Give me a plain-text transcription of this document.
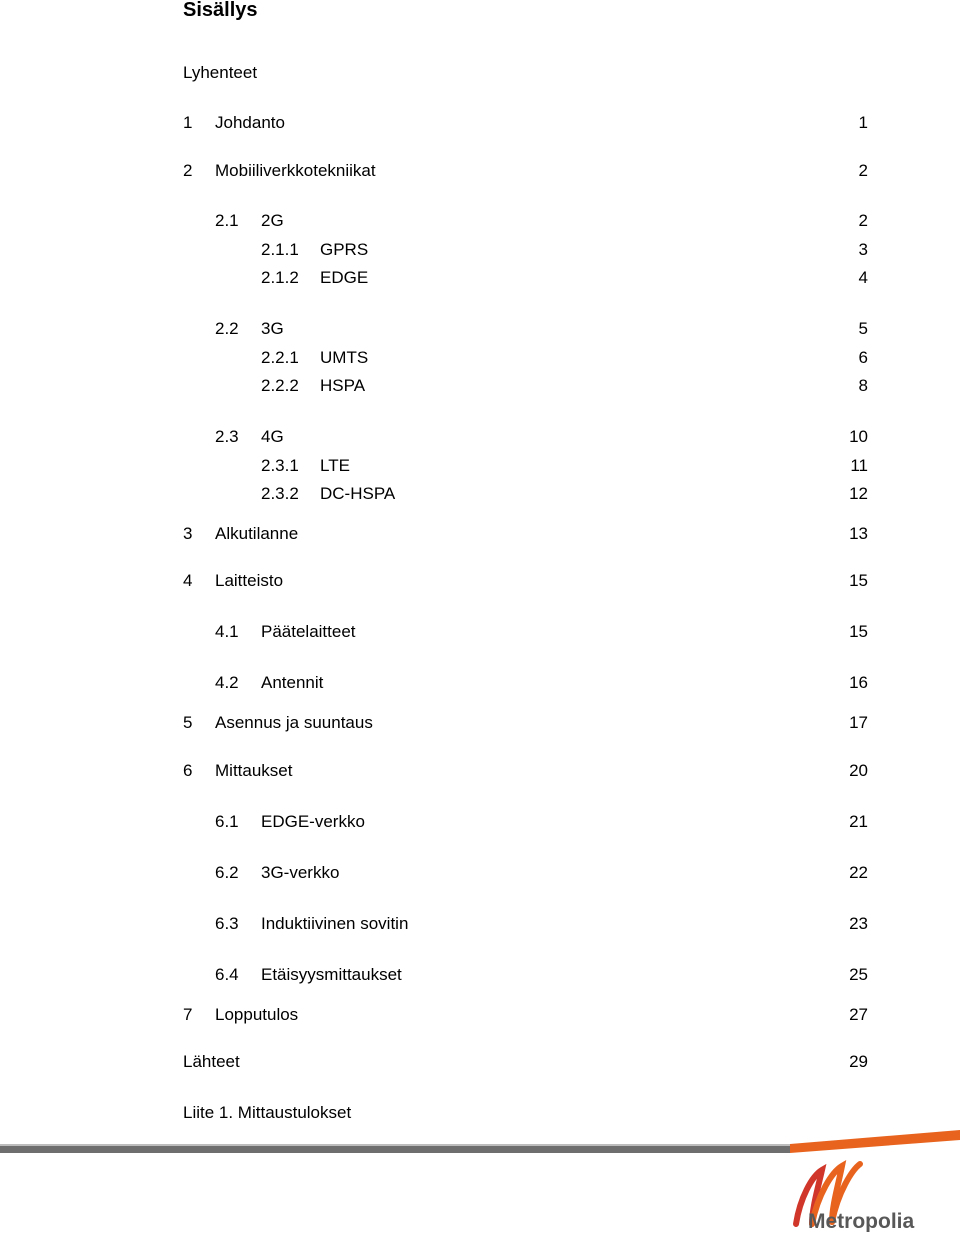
Sisällys
Lyhenteet
1 Johdanto	1
2 Mobiiliverkkotekniikat	2
2.1 2G	2
2.1.1 GPRS	3
2.1.2 EDGE	4
2.2 3G	5
2.2.1 UMTS	6
2.2.2 HSPA	8
2.3 4G	10
2.3.1 LTE	11
2.3.2 DC-HSPA	12
3 Alkutilanne	13
4 Laitteisto	15
4.1 Päätelaitteet	15
4.2 Antennit	16
5 Asennus ja suuntaus	17
6 Mittaukset	20
6.1 EDGE-verkko	21
6.2 3G-verkko	22
6.3 Induktiivinen sovitin	23
6.4 Etäisyysmittaukset	25
7 Lopputulos	27
Lähteet	29
Liite 1. Mittaustulokset
Metropolia
